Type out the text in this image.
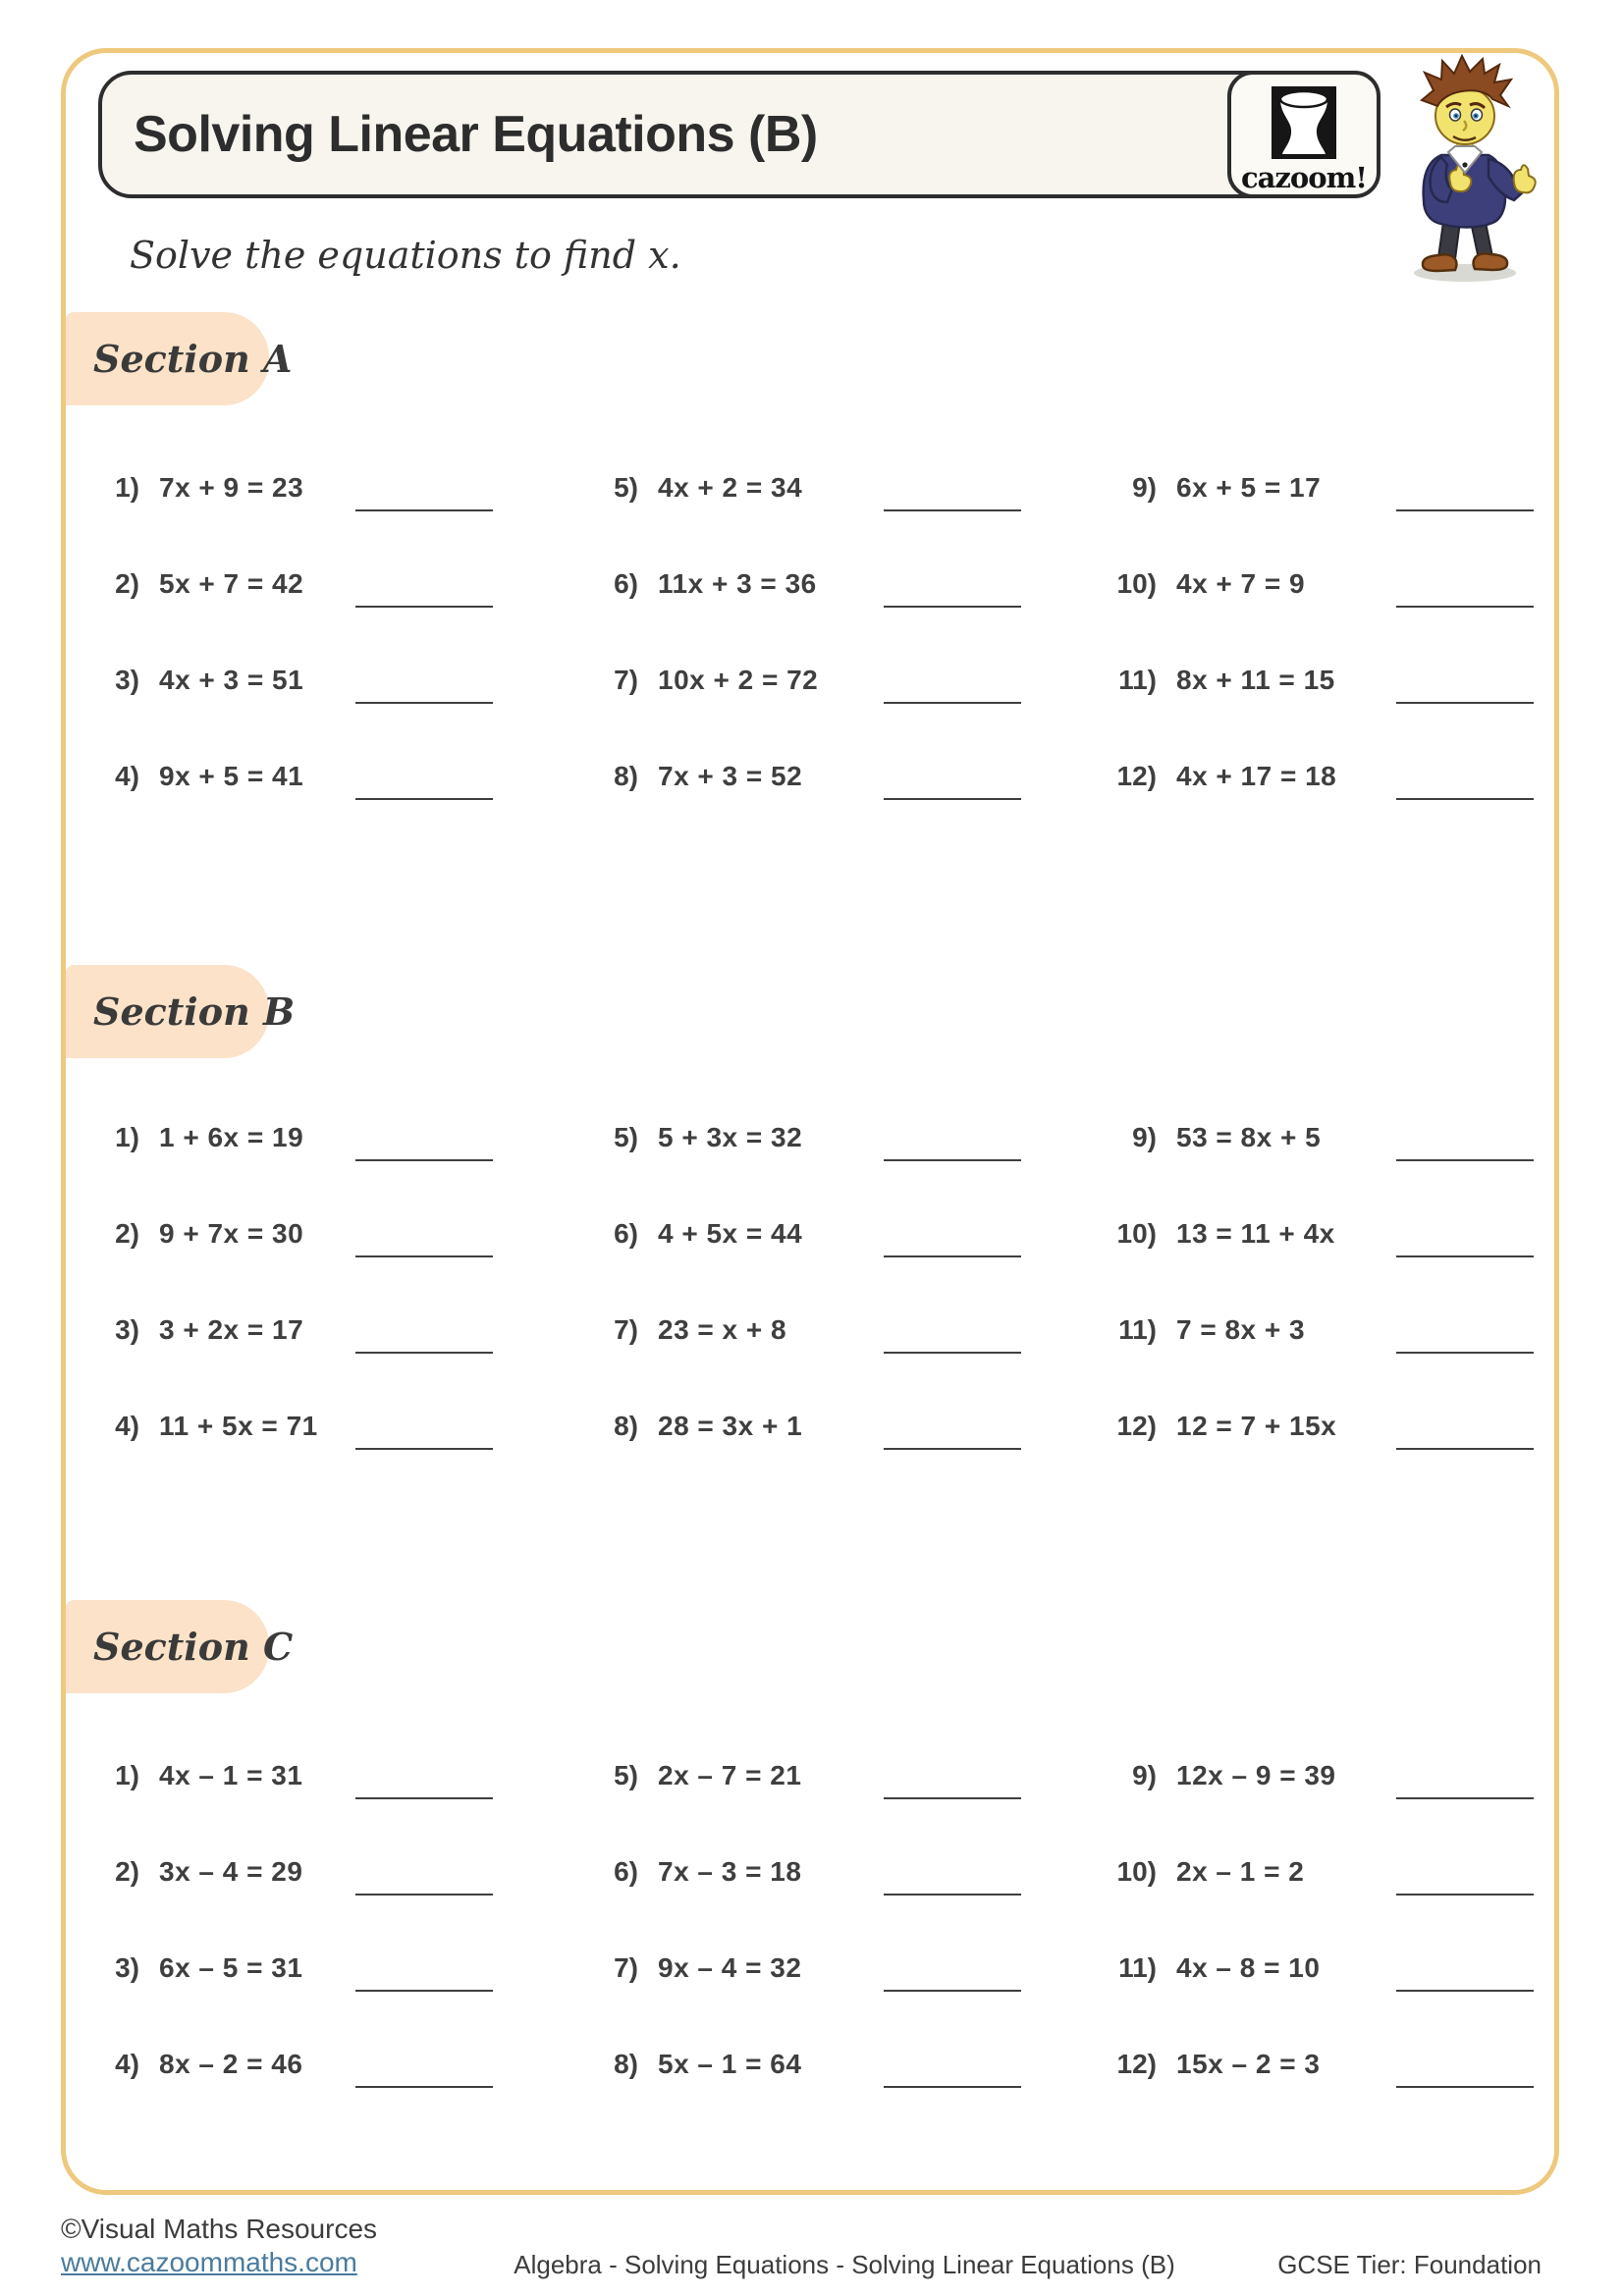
Solving Linear Equations (B)
cazoom!
Solve the equations to find x.
Section A
Section B
Section C
1) 7x + 9 = 23
2) 5x + 7 = 42
3) 4x + 3 = 51
4) 9x + 5 = 41
5) 4x + 2 = 34
6) 11x + 3 = 36
7) 10x + 2 = 72
8) 7x + 3 = 52
9) 6x + 5 = 17
10) 4x + 7 = 9
11) 8x + 11 = 15
12) 4x + 17 = 18
1) 1 + 6x = 19
2) 9 + 7x = 30
3) 3 + 2x = 17
4) 11 + 5x = 71
5) 5 + 3x = 32
6) 4 + 5x = 44
7) 23 = x + 8
8) 28 = 3x + 1
9) 53 = 8x + 5
10) 13 = 11 + 4x
11) 7 = 8x + 3
12) 12 = 7 + 15x
1) 4x – 1 = 31
2) 3x – 4 = 29
3) 6x – 5 = 31
4) 8x – 2 = 46
5) 2x – 7 = 21
6) 7x – 3 = 18
7) 9x – 4 = 32
8) 5x – 1 = 64
9) 12x – 9 = 39
10) 2x – 1 = 2
11) 4x – 8 = 10
12) 15x – 2 = 3
©Visual Maths Resources
www.cazoommaths.com	Algebra - Solving Equations - Solving Linear Equations (B)	GCSE Tier: Foundation
